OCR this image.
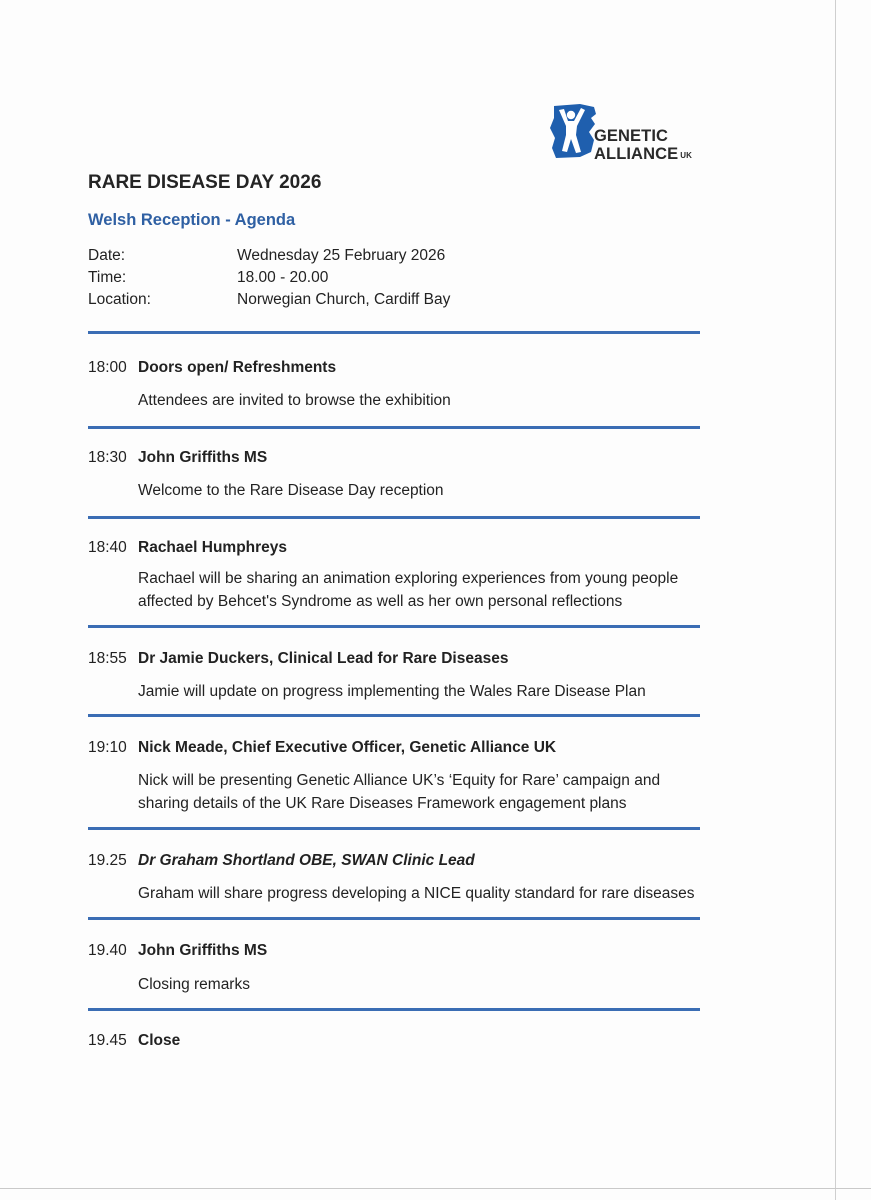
GENETIC
ALLIANCE $^{UK}$
RARE DISEASE DAY 2026
Welsh Reception - Agenda
Date:	Wednesday 25 February 2026
Time:	18.00 - 20.00
Location:	Norwegian Church, Cardiff Bay
18:00 Doors open/ Refreshments
Attendees are invited to browse the exhibition
18:30 John Griffiths MS
Welcome to the Rare Disease Day reception
18:40 Rachael Humphreys
Rachael will be sharing an animation exploring experiences from young people affected by Behcet's Syndrome as well as her own personal reflections
18:55 Dr Jamie Duckers, Clinical Lead for Rare Diseases
Jamie will update on progress implementing the Wales Rare Disease Plan
19:10 Nick Meade, Chief Executive Officer, Genetic Alliance UK
Nick will be presenting Genetic Alliance UK’s ‘Equity for Rare’ campaign and sharing details of the UK Rare Diseases Framework engagement plans
19.25 Dr Graham Shortland OBE, SWAN Clinic Lead
Graham will share progress developing a NICE quality standard for rare diseases
19.40 John Griffiths MS
Closing remarks
19.45 Close
